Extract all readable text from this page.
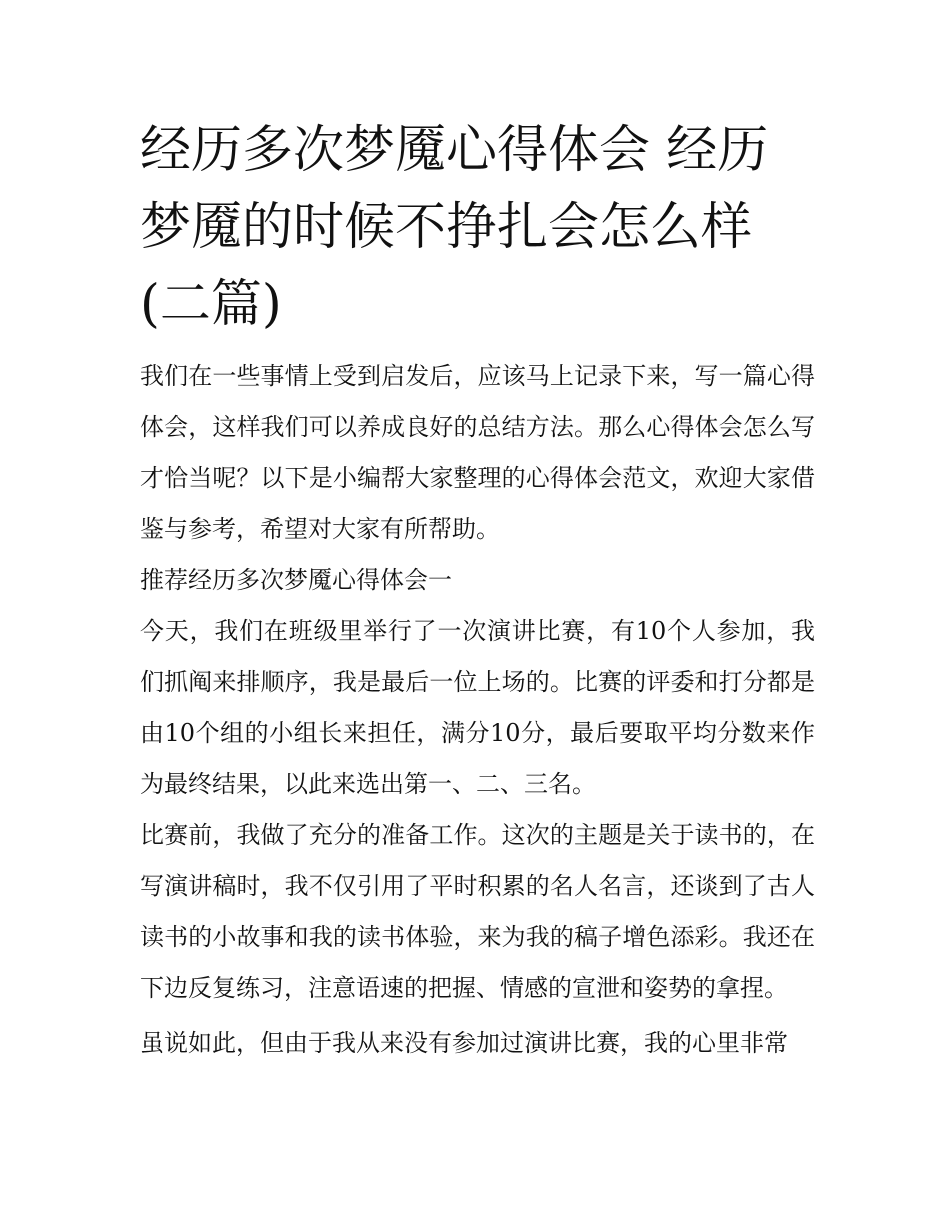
经历多次梦魇心得体会 经历梦魇的时候不挣扎会怎么样(二篇)

我们在一些事情上受到启发后，应该马上记录下来，写一篇心得体会，这样我们可以养成良好的总结方法。那么心得体会怎么写才恰当呢？以下是小编帮大家整理的心得体会范文，欢迎大家借鉴与参考，希望对大家有所帮助。

推荐经历多次梦魇心得体会一

今天，我们在班级里举行了一次演讲比赛，有10个人参加，我们抓阄来排顺序，我是最后一位上场的。比赛的评委和打分都是由10个组的小组长来担任，满分10分，最后要取平均分数来作为最终结果，以此来选出第一、二、三名。

比赛前，我做了充分的准备工作。这次的主题是关于读书的，在写演讲稿时，我不仅引用了平时积累的名人名言，还谈到了古人读书的小故事和我的读书体验，来为我的稿子增色添彩。我还在下边反复练习，注意语速的把握、情感的宣泄和姿势的拿捏。

虽说如此，但由于我从来没有参加过演讲比赛，我的心里非常
